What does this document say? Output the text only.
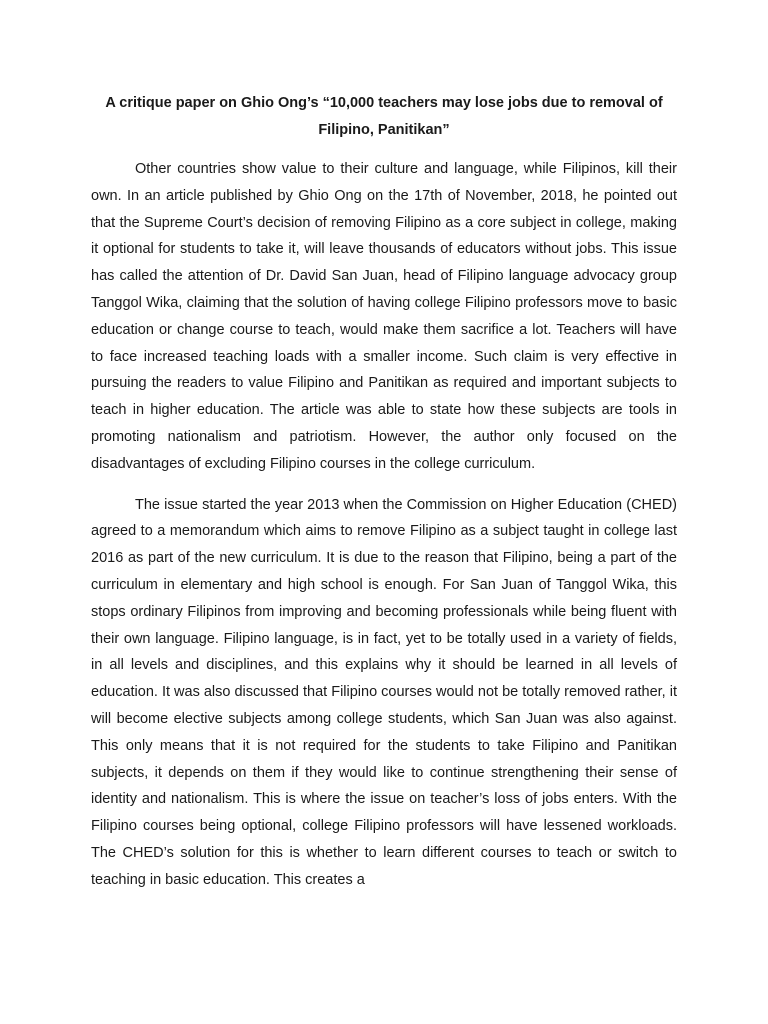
A critique paper on Ghio Ong’s “10,000 teachers may lose jobs due to removal of Filipino, Panitikan”

Other countries show value to their culture and language, while Filipinos, kill their own. In an article published by Ghio Ong on the 17th of November, 2018, he pointed out that the Supreme Court’s decision of removing Filipino as a core subject in college, making it optional for students to take it, will leave thousands of educators without jobs. This issue has called the attention of Dr. David San Juan, head of Filipino language advocacy group Tanggol Wika, claiming that the solution of having college Filipino professors move to basic education or change course to teach, would make them sacrifice a lot. Teachers will have to face increased teaching loads with a smaller income. Such claim is very effective in pursuing the readers to value Filipino and Panitikan as required and important subjects to teach in higher education. The article was able to state how these subjects are tools in promoting nationalism and patriotism. However, the author only focused on the disadvantages of excluding Filipino courses in the college curriculum.

The issue started the year 2013 when the Commission on Higher Education (CHED) agreed to a memorandum which aims to remove Filipino as a subject taught in college last 2016 as part of the new curriculum. It is due to the reason that Filipino, being a part of the curriculum in elementary and high school is enough. For San Juan of Tanggol Wika, this stops ordinary Filipinos from improving and becoming professionals while being fluent with their own language. Filipino language, is in fact, yet to be totally used in a variety of fields, in all levels and disciplines, and this explains why it should be learned in all levels of education. It was also discussed that Filipino courses would not be totally removed rather, it will become elective subjects among college students, which San Juan was also against. This only means that it is not required for the students to take Filipino and Panitikan subjects, it depends on them if they would like to continue strengthening their sense of identity and nationalism. This is where the issue on teacher’s loss of jobs enters. With the Filipino courses being optional, college Filipino professors will have lessened workloads. The CHED’s solution for this is whether to learn different courses to teach or switch to teaching in basic education. This creates a
